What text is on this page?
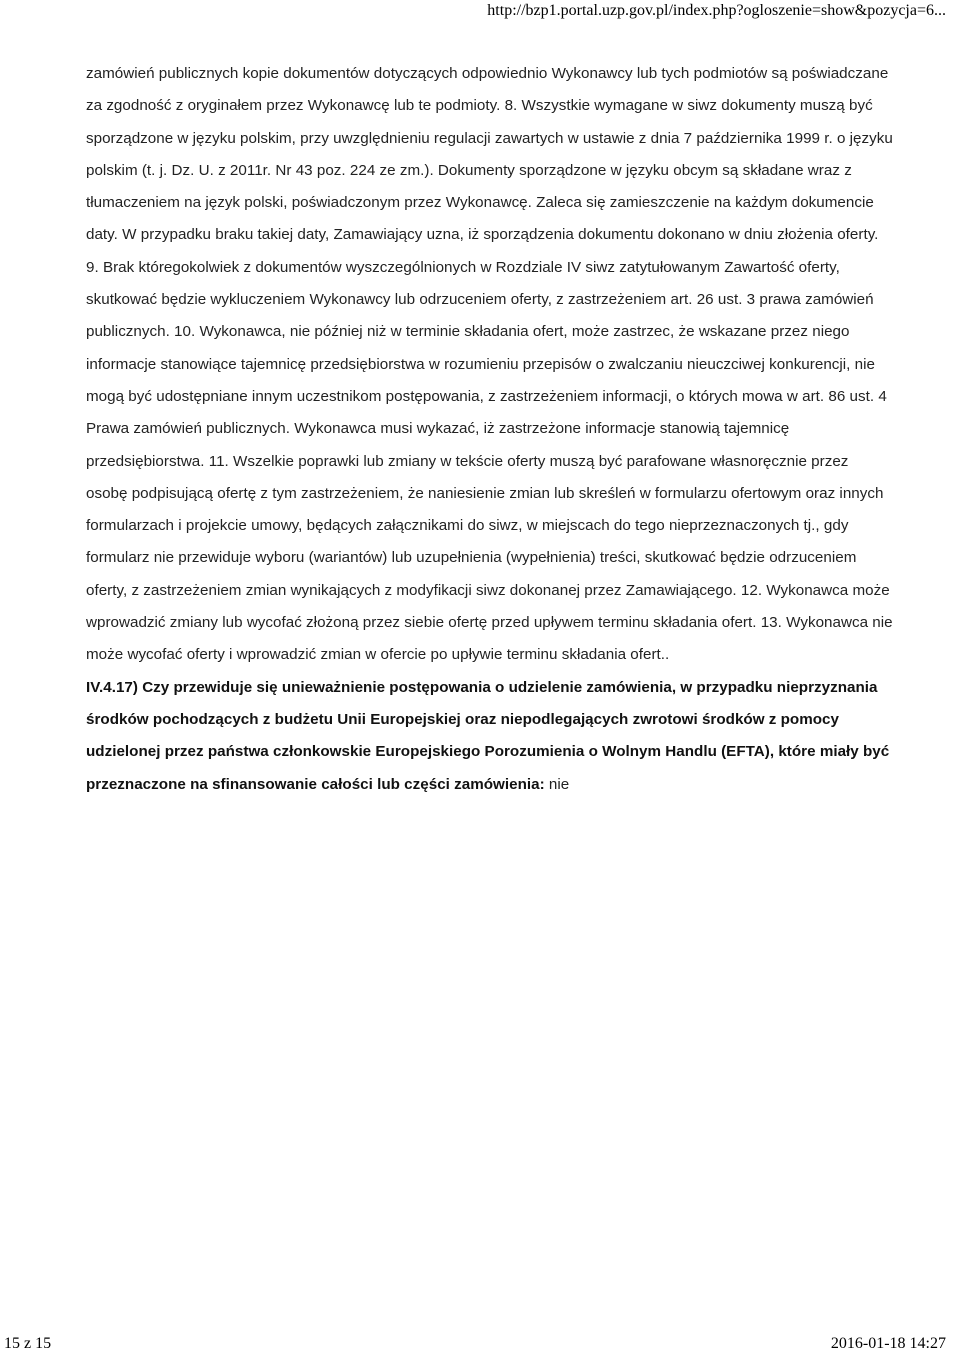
http://bzp1.portal.uzp.gov.pl/index.php?ogloszenie=show&pozycja=6...

zamówień publicznych kopie dokumentów dotyczących odpowiednio Wykonawcy lub tych podmiotów są poświadczane za zgodność z oryginałem przez Wykonawcę lub te podmioty. 8. Wszystkie wymagane w siwz dokumenty muszą być sporządzone w języku polskim, przy uwzględnieniu regulacji zawartych w ustawie z dnia 7 października 1999 r. o języku polskim (t. j. Dz. U. z 2011r. Nr 43 poz. 224 ze zm.). Dokumenty sporządzone w języku obcym są składane wraz z tłumaczeniem na język polski, poświadczonym przez Wykonawcę. Zaleca się zamieszczenie na każdym dokumencie daty. W przypadku braku takiej daty, Zamawiający uzna, iż sporządzenia dokumentu dokonano w dniu złożenia oferty. 9. Brak któregokolwiek z dokumentów wyszczególnionych w Rozdziale IV siwz zatytułowanym Zawartość oferty, skutkować będzie wykluczeniem Wykonawcy lub odrzuceniem oferty, z zastrzeżeniem art. 26 ust. 3 prawa zamówień publicznych. 10. Wykonawca, nie później niż w terminie składania ofert, może zastrzec, że wskazane przez niego informacje stanowiące tajemnicę przedsiębiorstwa w rozumieniu przepisów o zwalczaniu nieuczciwej konkurencji, nie mogą być udostępniane innym uczestnikom postępowania, z zastrzeżeniem informacji, o których mowa w art. 86 ust. 4 Prawa zamówień publicznych. Wykonawca musi wykazać, iż zastrzeżone informacje stanowią tajemnicę przedsiębiorstwa. 11. Wszelkie poprawki lub zmiany w tekście oferty muszą być parafowane własnoręcznie przez osobę podpisującą ofertę z tym zastrzeżeniem, że naniesienie zmian lub skreśleń w formularzu ofertowym oraz innych formularzach i projekcie umowy, będących załącznikami do siwz, w miejscach do tego nieprzeznaczonych tj., gdy formularz nie przewiduje wyboru (wariantów) lub uzupełnienia (wypełnienia) treści, skutkować będzie odrzuceniem oferty, z zastrzeżeniem zmian wynikających z modyfikacji siwz dokonanej przez Zamawiającego. 12. Wykonawca może wprowadzić zmiany lub wycofać złożoną przez siebie ofertę przed upływem terminu składania ofert. 13. Wykonawca nie może wycofać oferty i wprowadzić zmian w ofercie po upływie terminu składania ofert..

IV.4.17) Czy przewiduje się unieważnienie postępowania o udzielenie zamówienia, w przypadku nieprzyznania środków pochodzących z budżetu Unii Europejskiej oraz niepodlegających zwrotowi środków z pomocy udzielonej przez państwa członkowskie Europejskiego Porozumienia o Wolnym Handlu (EFTA), które miały być przeznaczone na sfinansowanie całości lub części zamówienia: nie

15 z 15	2016-01-18 14:27
